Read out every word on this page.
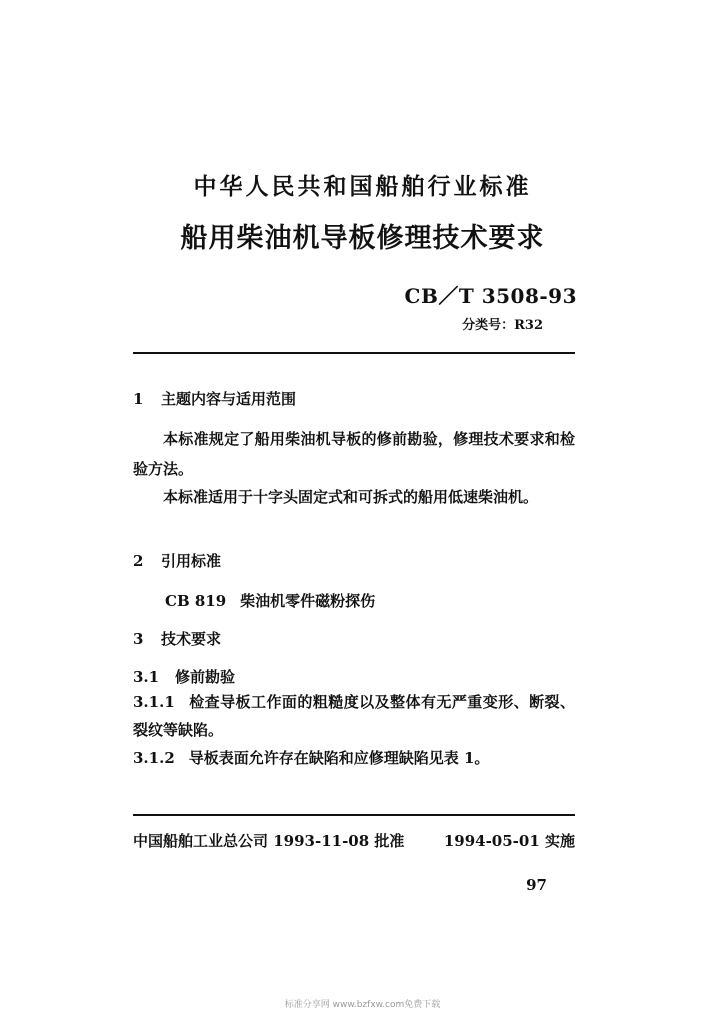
中华人民共和国船舶行业标准
船用柴油机导板修理技术要求
CB／T 3508-93
分类号：R32
1 主题内容与适用范围
本标准规定了船用柴油机导板的修前勘验，修理技术要求和检验方法。
本标准适用于十字头固定式和可拆式的船用低速柴油机。
2 引用标准
CB 819 柴油机零件磁粉探伤
3 技术要求
3.1 修前勘验
3.1.1 检查导板工作面的粗糙度以及整体有无严重变形、断裂、裂纹等缺陷。
3.1.2 导板表面允许存在缺陷和应修理缺陷见表 1。
中国船舶工业总公司 1993-11-08 批准	1994-05-01 实施
97
标准分享网 www.bzfxw.com免费下载
